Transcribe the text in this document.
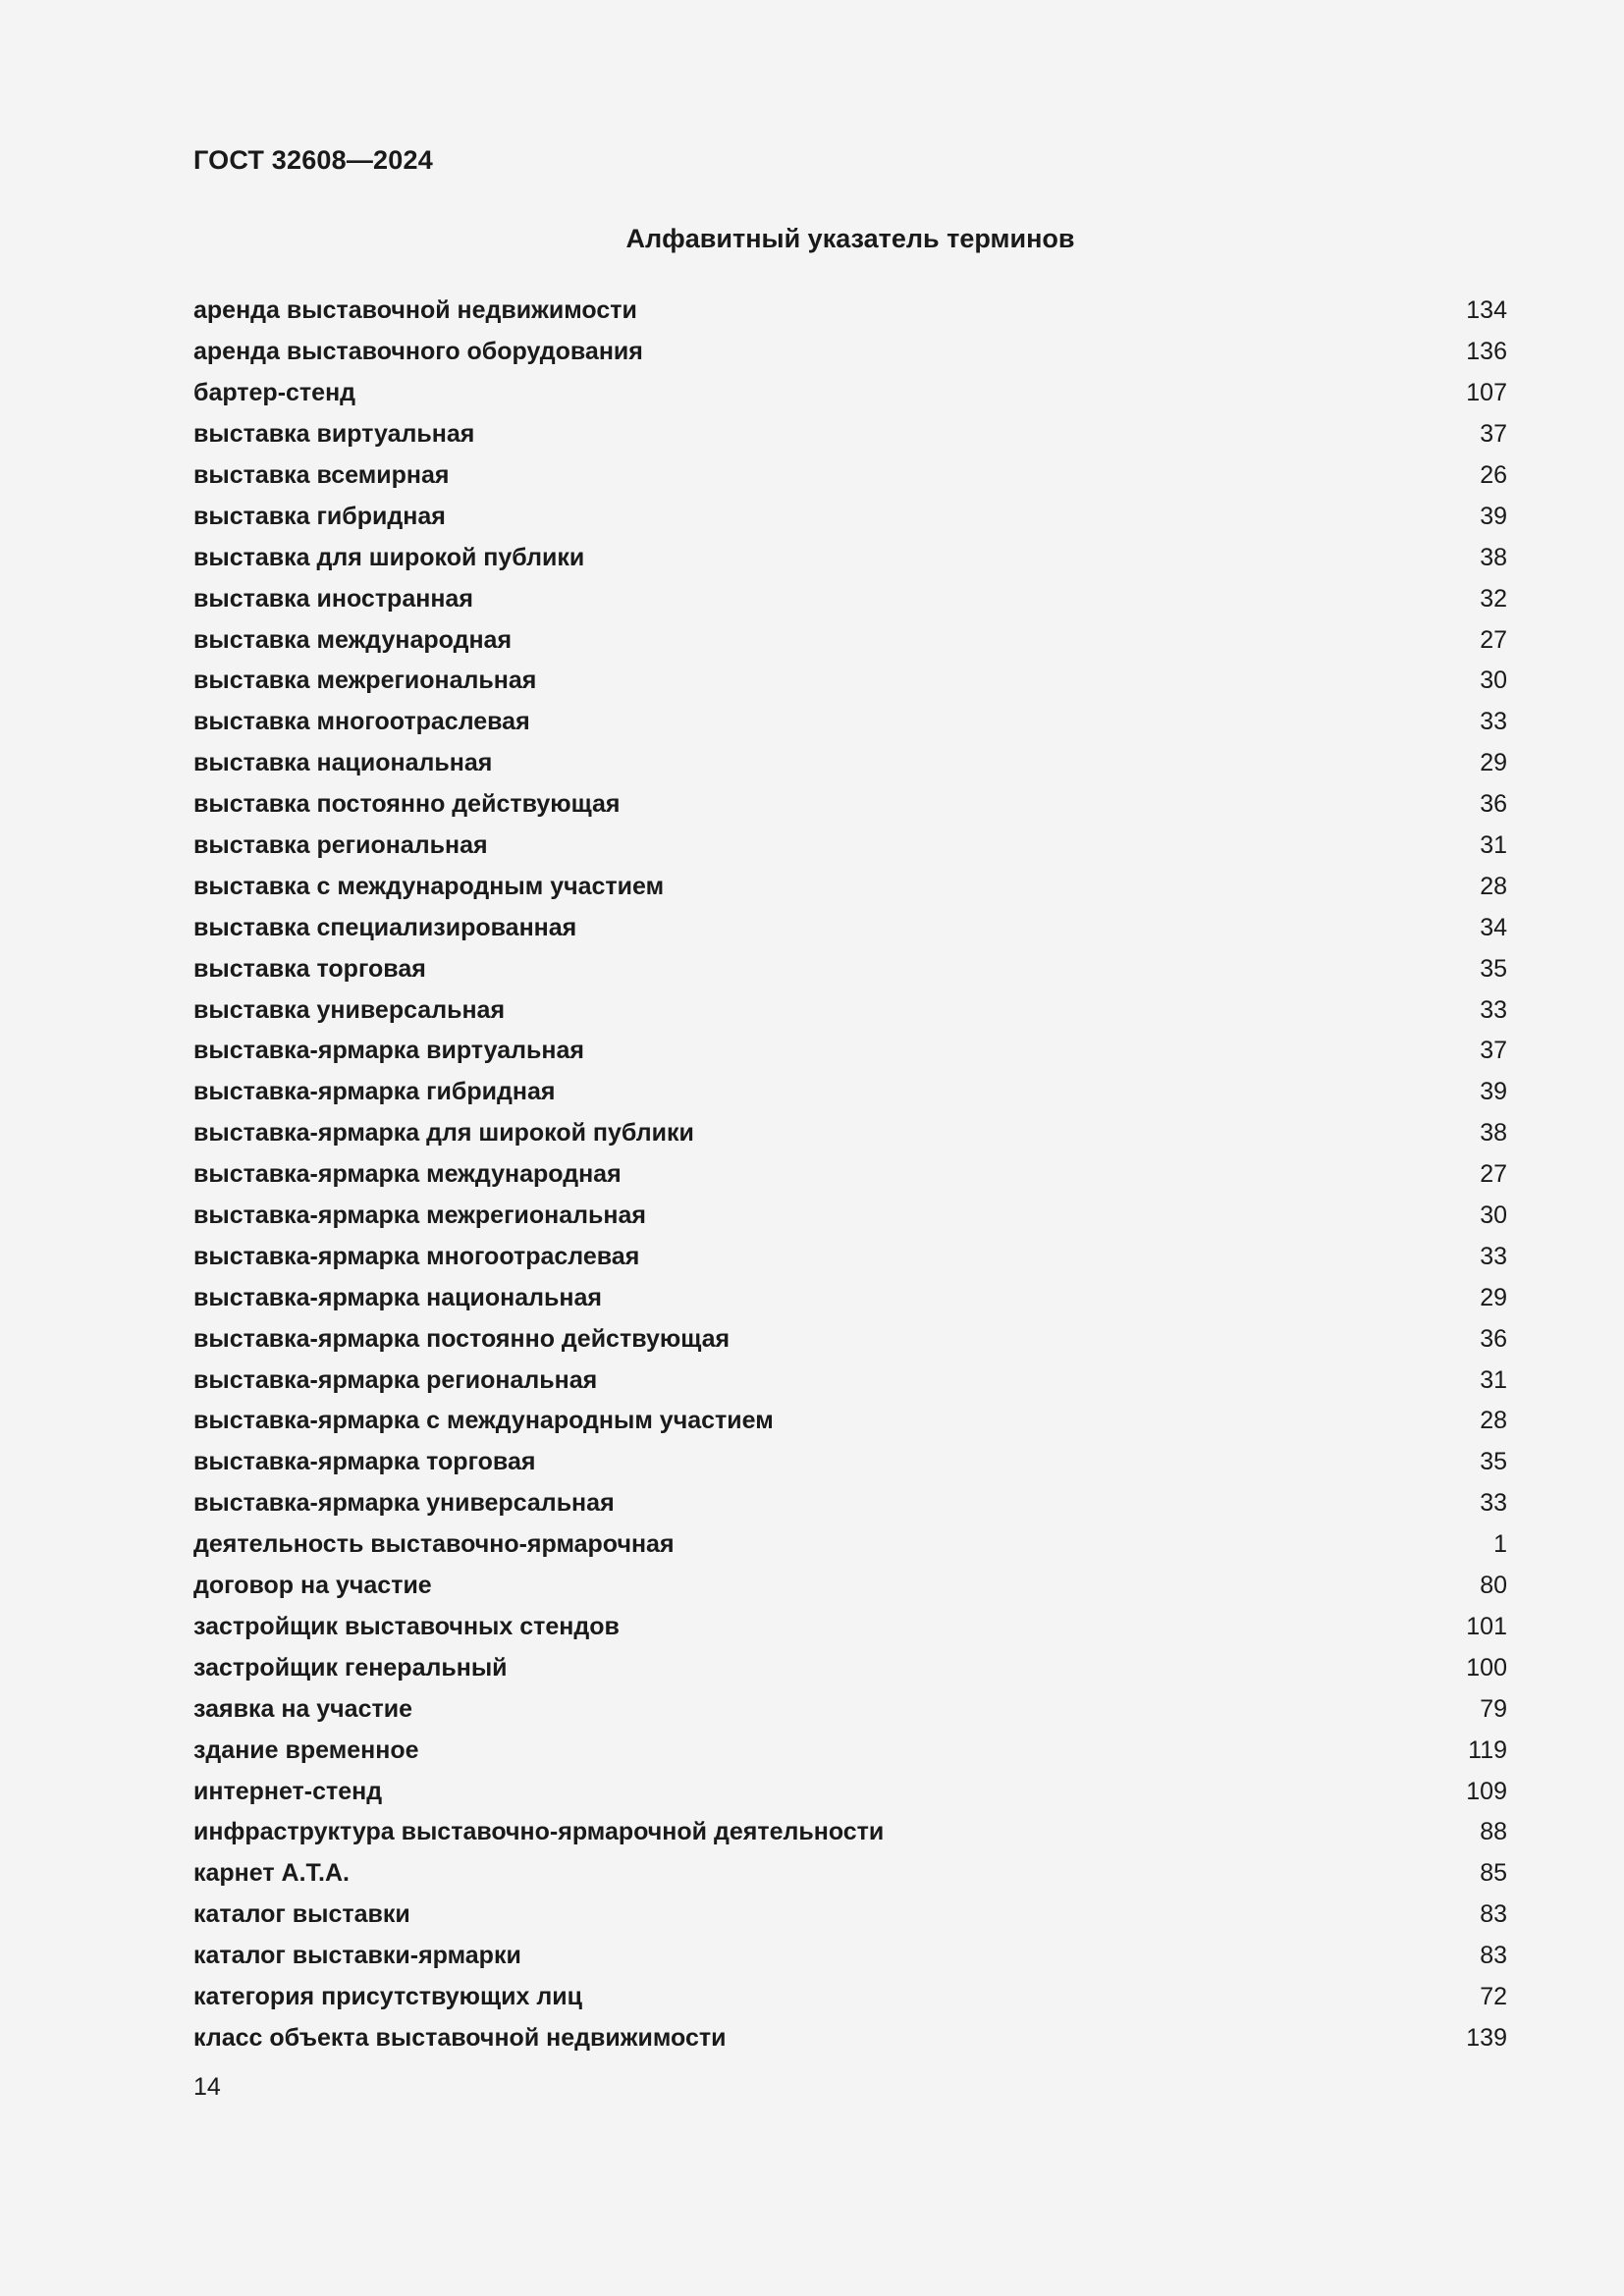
ГОСТ 32608—2024
Алфавитный указатель терминов
аренда выставочной недвижимости	134
аренда выставочного оборудования	136
бартер-стенд	107
выставка виртуальная	37
выставка всемирная	26
выставка гибридная	39
выставка для широкой публики	38
выставка иностранная	32
выставка международная	27
выставка межрегиональная	30
выставка многоотраслевая	33
выставка национальная	29
выставка постоянно действующая	36
выставка региональная	31
выставка с международным участием	28
выставка специализированная	34
выставка торговая	35
выставка универсальная	33
выставка-ярмарка виртуальная	37
выставка-ярмарка гибридная	39
выставка-ярмарка для широкой публики	38
выставка-ярмарка международная	27
выставка-ярмарка межрегиональная	30
выставка-ярмарка многоотраслевая	33
выставка-ярмарка национальная	29
выставка-ярмарка постоянно действующая	36
выставка-ярмарка региональная	31
выставка-ярмарка с международным участием	28
выставка-ярмарка торговая	35
выставка-ярмарка универсальная	33
деятельность выставочно-ярмарочная	1
договор на участие	80
застройщик выставочных стендов	101
застройщик генеральный	100
заявка на участие	79
здание временное	119
интернет-стенд	109
инфраструктура выставочно-ярмарочной деятельности	88
карнет А.Т.А.	85
каталог выставки	83
каталог выставки-ярмарки	83
категория присутствующих лиц	72
класс объекта выставочной недвижимости	139
14
